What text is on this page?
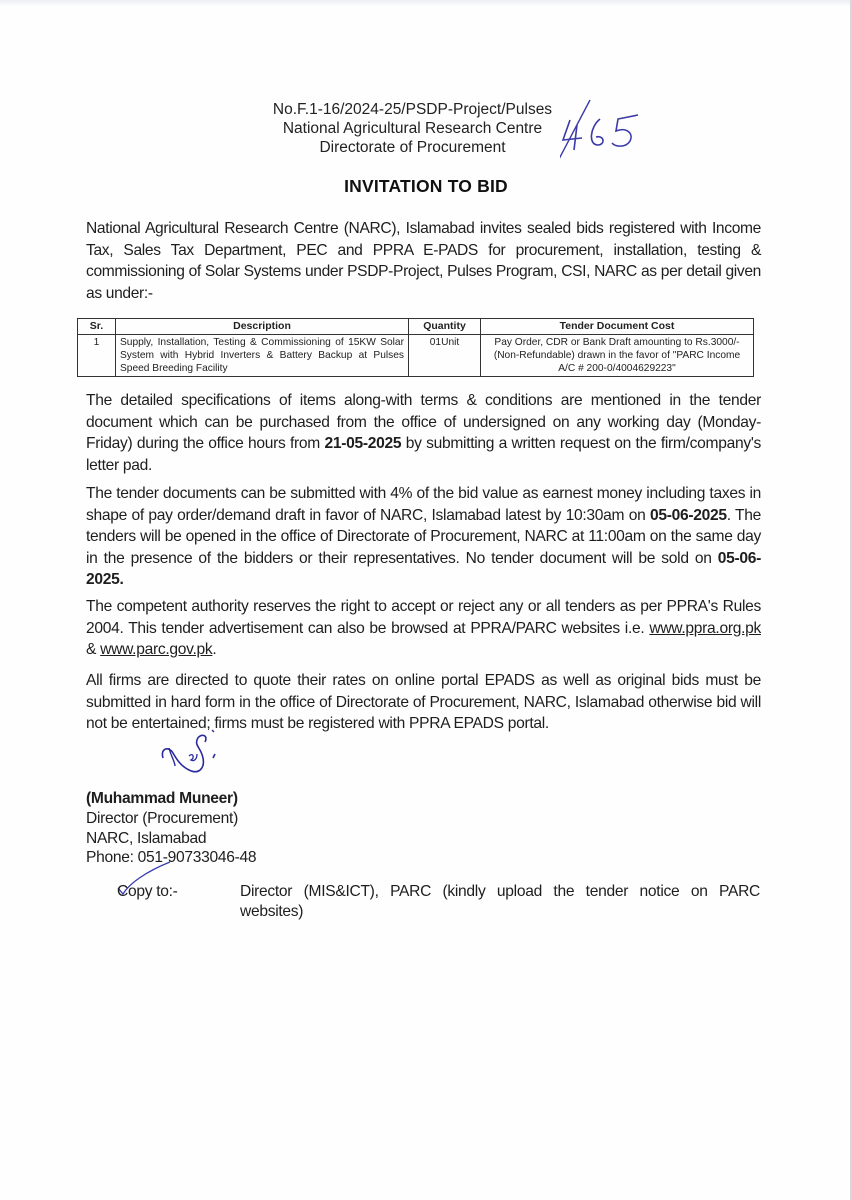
No.F.1-16/2024-25/PSDP-Project/Pulses
National Agricultural Research Centre
Directorate of Procurement
INVITATION TO BID

National Agricultural Research Centre (NARC), Islamabad invites sealed bids registered with Income Tax, Sales Tax Department, PEC and PPRA E-PADS for procurement, installation, testing & commissioning of Solar Systems under PSDP-Project, Pulses Program, CSI, NARC as per detail given as under:-

Sr.	Description	Quantity	Tender Document Cost
1	Supply, Installation, Testing & Commissioning of 15KW Solar System with Hybrid Inverters & Battery Backup at Pulses Speed Breeding Facility	01Unit	Pay Order, CDR or Bank Draft amounting to Rs.3000/-(Non-Refundable) drawn in the favor of "PARC Income A/C # 200-0/4004629223"

The detailed specifications of items along-with terms & conditions are mentioned in the tender document which can be purchased from the office of undersigned on any working day (Monday-Friday) during the office hours from 21-05-2025 by submitting a written request on the firm/company's letter pad.

The tender documents can be submitted with 4% of the bid value as earnest money including taxes in shape of pay order/demand draft in favor of NARC, Islamabad latest by 10:30am on 05-06-2025. The tenders will be opened in the office of Directorate of Procurement, NARC at 11:00am on the same day in the presence of the bidders or their representatives. No tender document will be sold on 05-06-2025.

The competent authority reserves the right to accept or reject any or all tenders as per PPRA's Rules 2004. This tender advertisement can also be browsed at PPRA/PARC websites i.e. www.ppra.org.pk & www.parc.gov.pk.

All firms are directed to quote their rates on online portal EPADS as well as original bids must be submitted in hard form in the office of Directorate of Procurement, NARC, Islamabad otherwise bid will not be entertained; firms must be registered with PPRA EPADS portal.

(Muhammad Muneer)
Director (Procurement)
NARC, Islamabad
Phone: 051-90733046-48
Copy to:-	Director (MIS&ICT), PARC (kindly upload the tender notice on PARC websites)
